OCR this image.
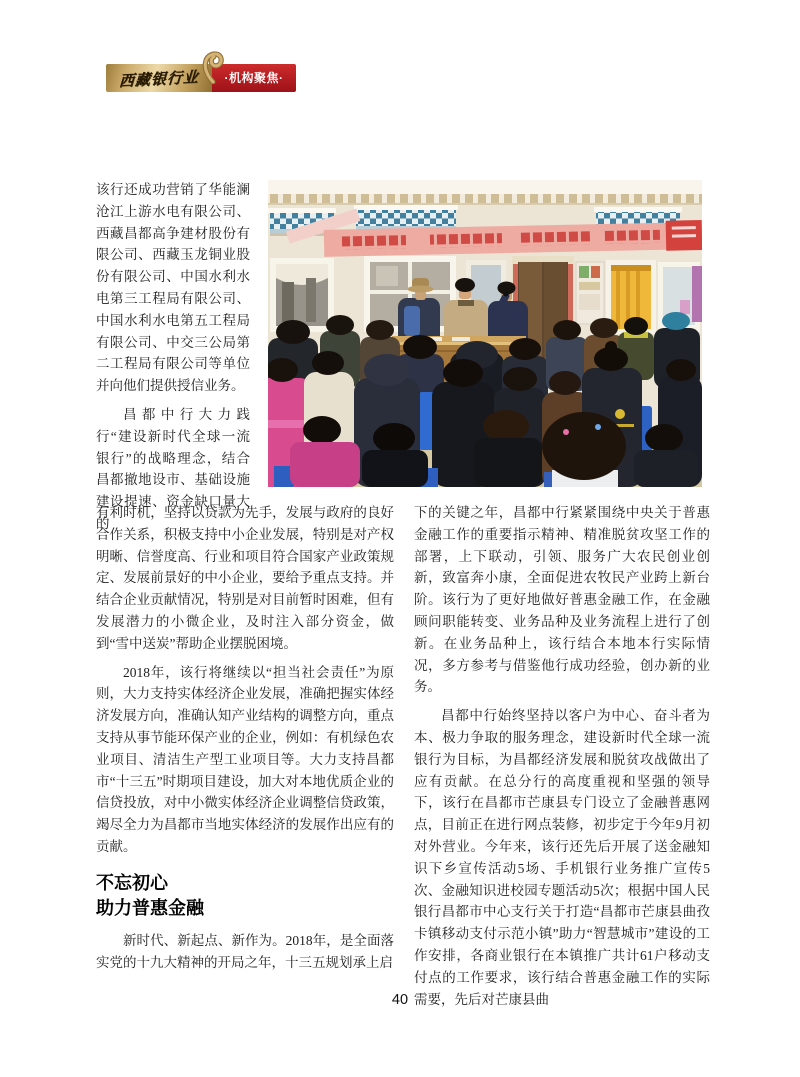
西藏银行业	·机构聚焦·

该行还成功营销了华能澜沧江上游水电有限公司、西藏昌都高争建材股份有限公司、西藏玉龙铜业股份有限公司、中国水利水电第三工程局有限公司、中国水利水电第五工程局有限公司、中交三公局第二工程局有限公司等单位并向他们提供授信业务。

昌都中行大力践行“建设新时代全球一流银行”的战略理念，结合昌都撤地设市、基础设施建设提速、资金缺口量大的

有利时机，坚持以贷款为先手，发展与政府的良好合作关系，积极支持中小企业发展，特别是对产权明晰、信誉度高、行业和项目符合国家产业政策规定、发展前景好的中小企业，要给予重点支持。并结合企业贡献情况，特别是对目前暂时困难，但有发展潜力的小微企业，及时注入部分资金，做到“雪中送炭”帮助企业摆脱困境。

2018年，该行将继续以“担当社会责任”为原则，大力支持实体经济企业发展，准确把握实体经济发展方向，准确认知产业结构的调整方向，重点支持从事节能环保产业的企业，例如：有机绿色农业项目、清洁生产型工业项目等。大力支持昌都市“十三五”时期项目建设，加大对本地优质企业的信贷投放，对中小微实体经济企业调整信贷政策，竭尽全力为昌都市当地实体经济的发展作出应有的贡献。

不忘初心
助力普惠金融

新时代、新起点、新作为。2018年，是全面落实党的十九大精神的开局之年，十三五规划承上启

下的关键之年，昌都中行紧紧围绕中央关于普惠金融工作的重要指示精神、精准脱贫攻坚工作的部署，上下联动，引领、服务广大农民创业创新，致富奔小康，全面促进农牧民产业跨上新台阶。该行为了更好地做好普惠金融工作，在金融顾问职能转变、业务品种及业务流程上进行了创新。在业务品种上，该行结合本地本行实际情况，多方参考与借鉴他行成功经验，创办新的业务。

昌都中行始终坚持以客户为中心、奋斗者为本、极力争取的服务理念，建设新时代全球一流银行为目标，为昌都经济发展和脱贫攻战做出了应有贡献。在总分行的高度重视和坚强的领导下，该行在昌都市芒康县专门设立了金融普惠网点，目前正在进行网点装修，初步定于今年9月初对外营业。今年来，该行还先后开展了送金融知识下乡宣传活动5场、手机银行业务推广宣传5次、金融知识进校园专题活动5次；根据中国人民银行昌都市中心支行关于打造“昌都市芒康县曲孜卡镇移动支付示范小镇”助力“智慧城市”建设的工作安排，各商业银行在本镇推广共计61户移动支付点的工作要求，该行结合普惠金融工作的实际需要，先后对芒康县曲

40
